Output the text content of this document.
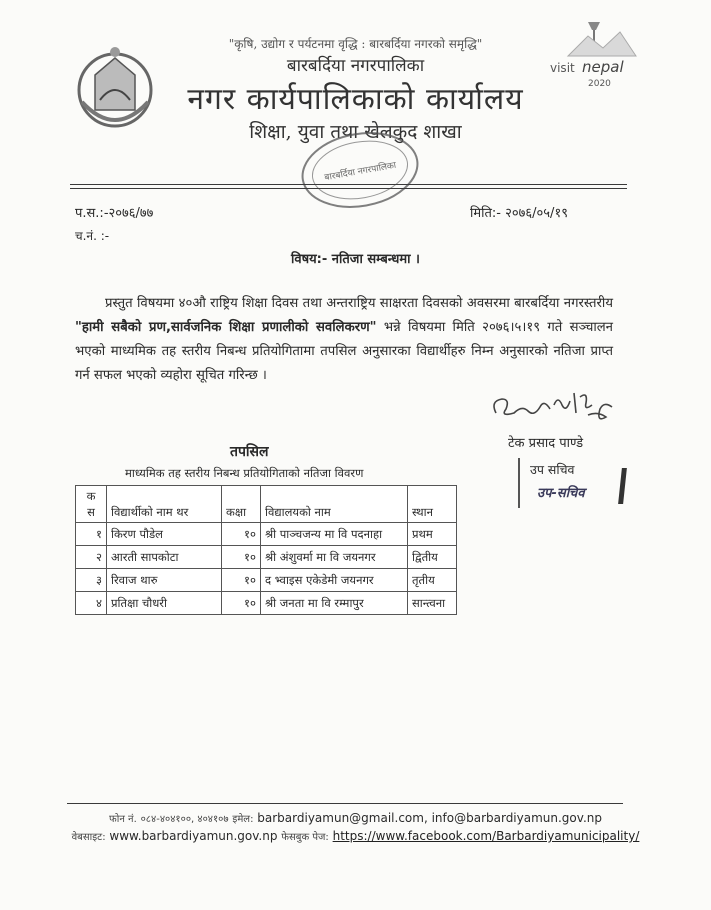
visit nepal
2020
"कृषि, उद्योग र पर्यटनमा वृद्धि : बारबर्दिया नगरको समृद्धि"
बारबर्दिया नगरपालिका
नगर कार्यपालिकाको कार्यालय
शिक्षा, युवा तथा खेलकुद शाखा
बारबर्दिया नगरपालिका
प.स.:-२०७६/७७	मिति:- २०७६/०५/१९
च.नं. :-
विषय:- नतिजा सम्बन्धमा ।
प्रस्तुत विषयमा ४०औ राष्ट्रिय शिक्षा दिवस तथा अन्तराष्ट्रिय साक्षरता दिवसको अवसरमा बारबर्दिया नगरस्तरीय "हामी सबैको प्रण,सार्वजनिक शिक्षा प्रणालीको सवलिकरण" भन्ने विषयमा मिति २०७६।५।१९ गते सञ्चालन भएको माध्यमिक तह स्तरीय निबन्ध प्रतियोगितामा तपसिल अनुसारका विद्यार्थीहरु निम्न अनुसारको नतिजा प्राप्त गर्न सफल भएको व्यहोरा सूचित गरिन्छ ।
टेक प्रसाद पाण्डे
उप सचिव
उप-सचिव
तपसिल
माध्यमिक तह स्तरीय निबन्ध प्रतियोगिताको नतिजा विवरण
क
स	विद्यार्थीको नाम थर	कक्षा	विद्यालयको नाम	स्थान
१	किरण पौडेल	१०	श्री पाञ्चजन्य मा वि पदनाहा	प्रथम
२	आरती सापकोटा	१०	श्री अंशुवर्मा मा वि जयनगर	द्वितीय
३	रिवाज थारु	१०	द भ्वाइस एकेडेमी जयनगर	तृतीय
४	प्रतिक्षा चौधरी	१०	श्री जनता मा वि रम्मापुर	सान्त्वना
फोन नं. ०८४-४०४१००, ४०४१०७ इमेल: barbardiyamun@gmail.com, info@barbardiyamun.gov.np
वेबसाइट: www.barbardiyamun.gov.np फेसबुक पेज: https://www.facebook.com/Barbardiyamunicipality/
